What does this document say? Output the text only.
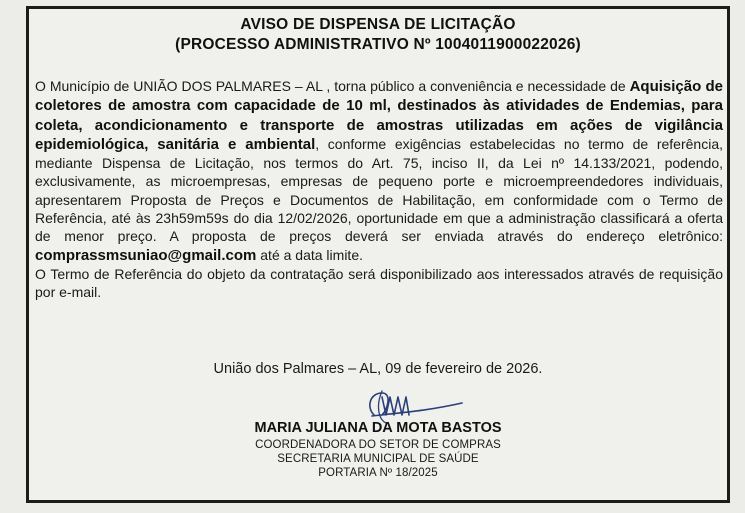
AVISO DE DISPENSA DE LICITAÇÃO
(PROCESSO ADMINISTRATIVO Nº 1004011900022026)

O Município de UNIÃO DOS PALMARES – AL , torna público a conveniência e necessidade de Aquisição de coletores de amostra com capacidade de 10 ml, destinados às atividades de Endemias, para coleta, acondicionamento e transporte de amostras utilizadas em ações de vigilância epidemiológica, sanitária e ambiental, conforme exigências estabelecidas no termo de referência, mediante Dispensa de Licitação, nos termos do Art. 75, inciso II, da Lei nº 14.133/2021, podendo, exclusivamente, as microempresas, empresas de pequeno porte e microempreendedores individuais, apresentarem Proposta de Preços e Documentos de Habilitação, em conformidade com o Termo de Referência, até às 23h59m59s do dia 12/02/2026, oportunidade em que a administração classificará a oferta de menor preço. A proposta de preços deverá ser enviada através do endereço eletrônico: comprassmsuniao@gmail.com até a data limite.

O Termo de Referência do objeto da contratação será disponibilizado aos interessados através de requisição por e-mail.

União dos Palmares – AL, 09 de fevereiro de 2026.
MARIA JULIANA DA MOTA BASTOS
COORDENADORA DO SETOR DE COMPRAS
SECRETARIA MUNICIPAL DE SAÚDE
PORTARIA Nº 18/2025
